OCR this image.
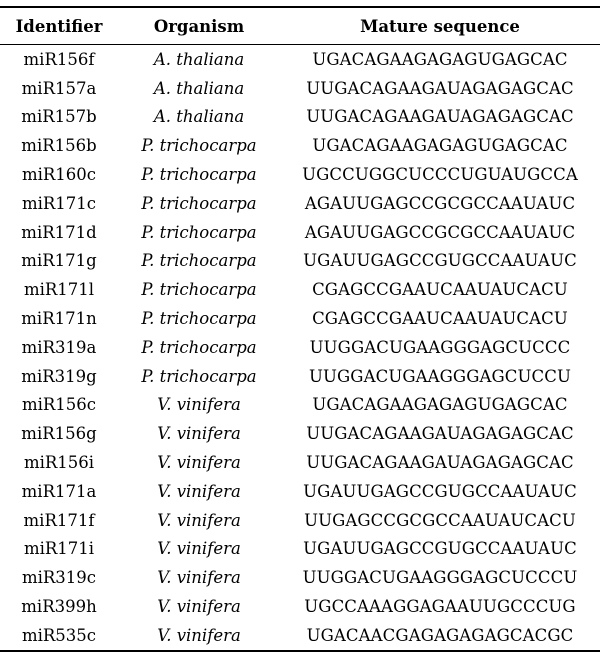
Identifier	Organism	Mature sequence
miR156f	A. thaliana	UGACAGAAGAGAGUGAGCAC
miR157a	A. thaliana	UUGACAGAAGAUAGAGAGCAC
miR157b	A. thaliana	UUGACAGAAGAUAGAGAGCAC
miR156b	P. trichocarpa	UGACAGAAGAGAGUGAGCAC
miR160c	P. trichocarpa	UGCCUGGCUCCCUGUAUGCCA
miR171c	P. trichocarpa	AGAUUGAGCCGCGCCAAUAUC
miR171d	P. trichocarpa	AGAUUGAGCCGCGCCAAUAUC
miR171g	P. trichocarpa	UGAUUGAGCCGUGCCAAUAUC
miR171l	P. trichocarpa	CGAGCCGAAUCAAUAUCACU
miR171n	P. trichocarpa	CGAGCCGAAUCAAUAUCACU
miR319a	P. trichocarpa	UUGGACUGAAGGGAGCUCCC
miR319g	P. trichocarpa	UUGGACUGAAGGGAGCUCCU
miR156c	V. vinifera	UGACAGAAGAGAGUGAGCAC
miR156g	V. vinifera	UUGACAGAAGAUAGAGAGCAC
miR156i	V. vinifera	UUGACAGAAGAUAGAGAGCAC
miR171a	V. vinifera	UGAUUGAGCCGUGCCAAUAUC
miR171f	V. vinifera	UUGAGCCGCGCCAAUAUCACU
miR171i	V. vinifera	UGAUUGAGCCGUGCCAAUAUC
miR319c	V. vinifera	UUGGACUGAAGGGAGCUCCCU
miR399h	V. vinifera	UGCCAAAGGAGAAUUGCCCUG
miR535c	V. vinifera	UGACAACGAGAGAGAGCACGC
